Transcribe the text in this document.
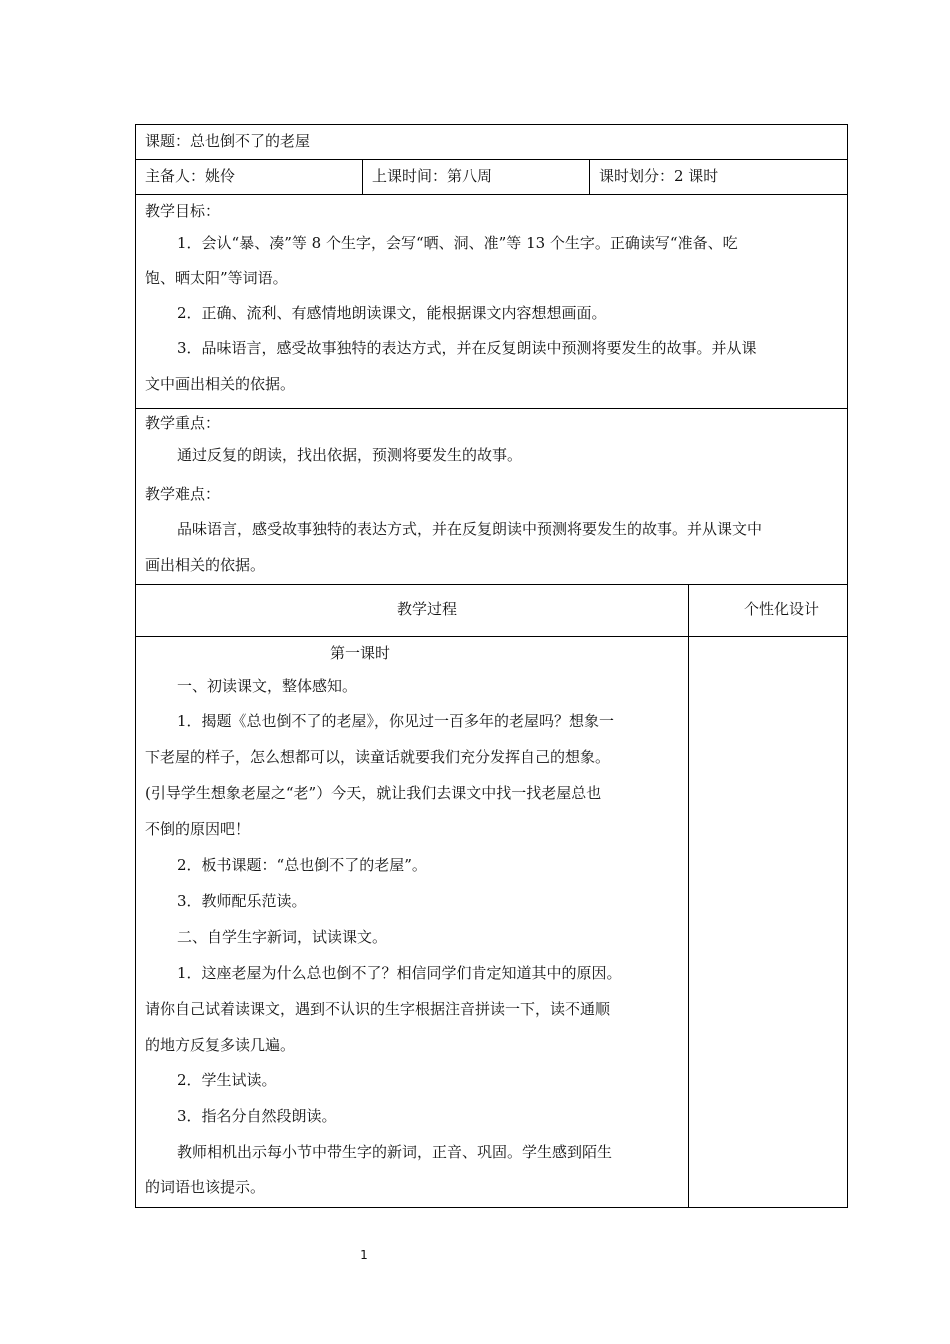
课题：总也倒不了的老屋
主备人：姚伶	上课时间：第八周	课时划分：2 课时
教学目标：
1．会认“暴、凑”等 8 个生字，会写“晒、洞、准”等 13 个生字。正确读写“准备、吃
饱、晒太阳”等词语。
2．正确、流利、有感情地朗读课文，能根据课文内容想想画面。
3．品味语言，感受故事独特的表达方式，并在反复朗读中预测将要发生的故事。并从课
文中画出相关的依据。
教学重点：
通过反复的朗读，找出依据，预测将要发生的故事。
教学难点：
品味语言，感受故事独特的表达方式，并在反复朗读中预测将要发生的故事。并从课文中
画出相关的依据。
教学过程	个性化设计
第一课时
一、初读课文，整体感知。
1．揭题《总也倒不了的老屋》，你见过一百多年的老屋吗？想象一
下老屋的样子，怎么想都可以，读童话就要我们充分发挥自己的想象。
(引导学生想象老屋之“老”）今天，就让我们去课文中找一找老屋总也
不倒的原因吧！
2．板书课题：“总也倒不了的老屋”。
3．教师配乐范读。
二、自学生字新词，试读课文。
1．这座老屋为什么总也倒不了？相信同学们肯定知道其中的原因。
请你自己试着读课文，遇到不认识的生字根据注音拼读一下，读不通顺
的地方反复多读几遍。
2．学生试读。
3．指名分自然段朗读。
教师相机出示每小节中带生字的新词，正音、巩固。学生感到陌生
的词语也该提示。
1
